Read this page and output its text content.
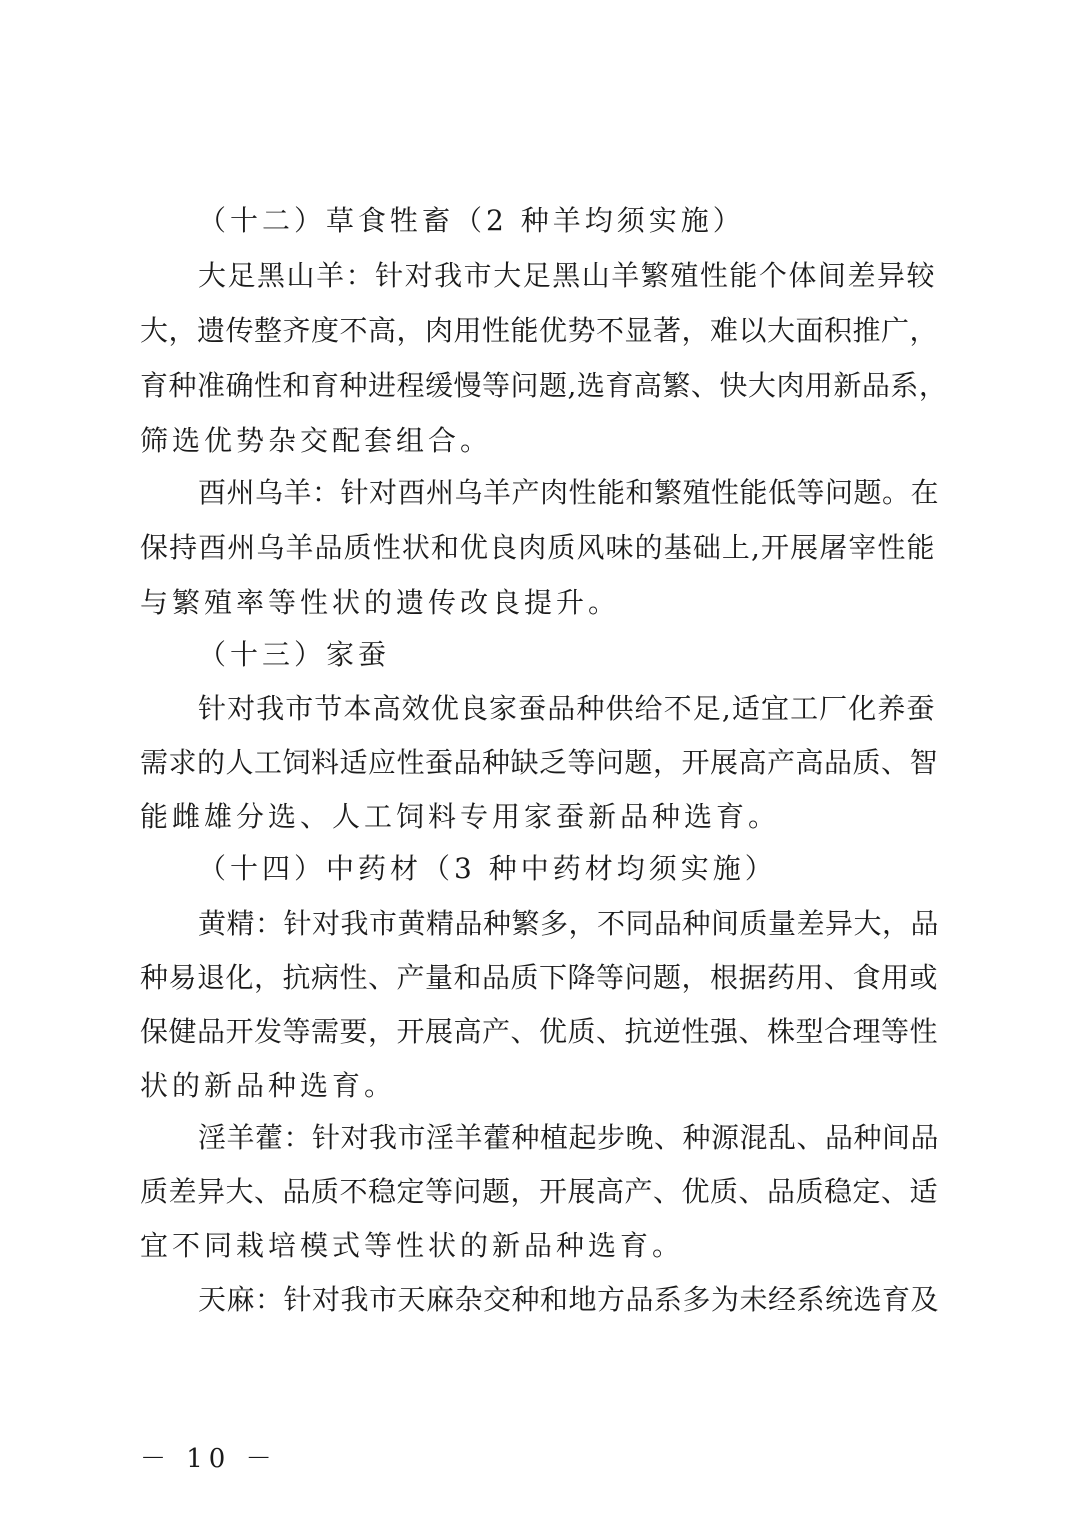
（十二）草食牲畜（2 种羊均须实施）
大足黑山羊：针对我市大足黑山羊繁殖性能个体间差异较
大，遗传整齐度不高，肉用性能优势不显著，难以大面积推广，
育种准确性和育种进程缓慢等问题,选育高繁、快大肉用新品系，
筛选优势杂交配套组合。
酉州乌羊：针对酉州乌羊产肉性能和繁殖性能低等问题。在
保持酉州乌羊品质性状和优良肉质风味的基础上,开展屠宰性能
与繁殖率等性状的遗传改良提升。
（十三）家蚕
针对我市节本高效优良家蚕品种供给不足,适宜工厂化养蚕
需求的人工饲料适应性蚕品种缺乏等问题，开展高产高品质、智
能雌雄分选、人工饲料专用家蚕新品种选育。
（十四）中药材（3 种中药材均须实施）
黄精：针对我市黄精品种繁多，不同品种间质量差异大，品
种易退化，抗病性、产量和品质下降等问题，根据药用、食用或
保健品开发等需要，开展高产、优质、抗逆性强、株型合理等性
状的新品种选育。
淫羊藿：针对我市淫羊藿种植起步晚、种源混乱、品种间品
质差异大、品质不稳定等问题，开展高产、优质、品质稳定、适
宜不同栽培模式等性状的新品种选育。
天麻：针对我市天麻杂交种和地方品系多为未经系统选育及
－ 10 －
